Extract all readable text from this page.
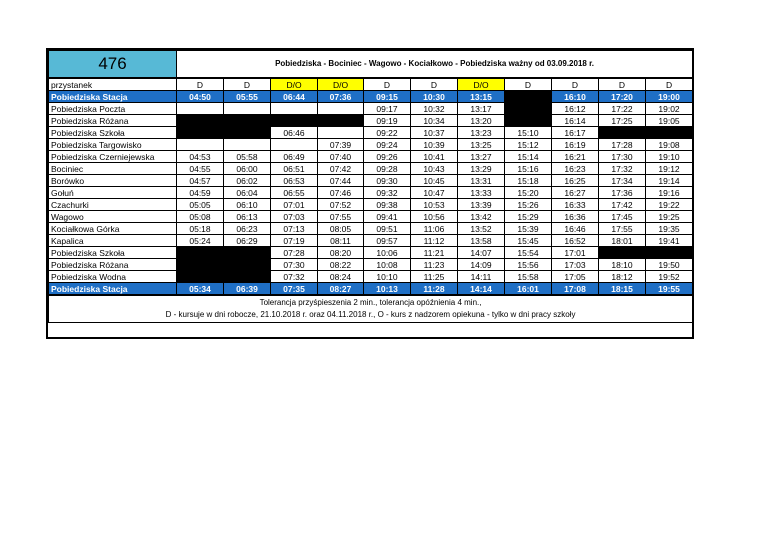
476	Pobiedziska - Bociniec - Wagowo - Kociałkowo - Pobiedziska ważny od 03.09.2018 r.										
przystanek	D	D	D/O	D/O	D	D	D/O	D	D	D	D
Pobiedziska Stacja	04:50	05:55	06:44	07:36	09:15	10:30	13:15		16:10	17:20	19:00
Pobiedziska Poczta					09:17	10:32	13:17		16:12	17:22	19:02
Pobiedziska Różana					09:19	10:34	13:20		16:14	17:25	19:05
Pobiedziska Szkoła			06:46		09:22	10:37	13:23	15:10	16:17		
Pobiedziska Targowisko				07:39	09:24	10:39	13:25	15:12	16:19	17:28	19:08
Pobiedziska Czerniejewska	04:53	05:58	06:49	07:40	09:26	10:41	13:27	15:14	16:21	17:30	19:10
Bociniec	04:55	06:00	06:51	07:42	09:28	10:43	13:29	15:16	16:23	17:32	19:12
Borówko	04:57	06:02	06:53	07:44	09:30	10:45	13:31	15:18	16:25	17:34	19:14
Gołuń	04:59	06:04	06:55	07:46	09:32	10:47	13:33	15:20	16:27	17:36	19:16
Czachurki	05:05	06:10	07:01	07:52	09:38	10:53	13:39	15:26	16:33	17:42	19:22
Wagowo	05:08	06:13	07:03	07:55	09:41	10:56	13:42	15:29	16:36	17:45	19:25
Kociałkowa Górka	05:18	06:23	07:13	08:05	09:51	11:06	13:52	15:39	16:46	17:55	19:35
Kapalica	05:24	06:29	07:19	08:11	09:57	11:12	13:58	15:45	16:52	18:01	19:41
Pobiedziska Szkoła			07:28	08:20	10:06	11:21	14:07	15:54	17:01		
Pobiedziska Różana			07:30	08:22	10:08	11:23	14:09	15:56	17:03	18:10	19:50
Pobiedziska Wodna			07:32	08:24	10:10	11:25	14:11	15:58	17:05	18:12	19:52
Pobiedziska Stacja	05:34	06:39	07:35	08:27	10:13	11:28	14:14	16:01	17:08	18:15	19:55

Tolerancja przyśpieszenia 2 min., tolerancja opóźnienia 4 min.,
D - kursuje w dni robocze, 21.10.2018 r. oraz 04.11.2018 r., O - kurs z nadzorem opiekuna - tylko w dni pracy szkoły											
